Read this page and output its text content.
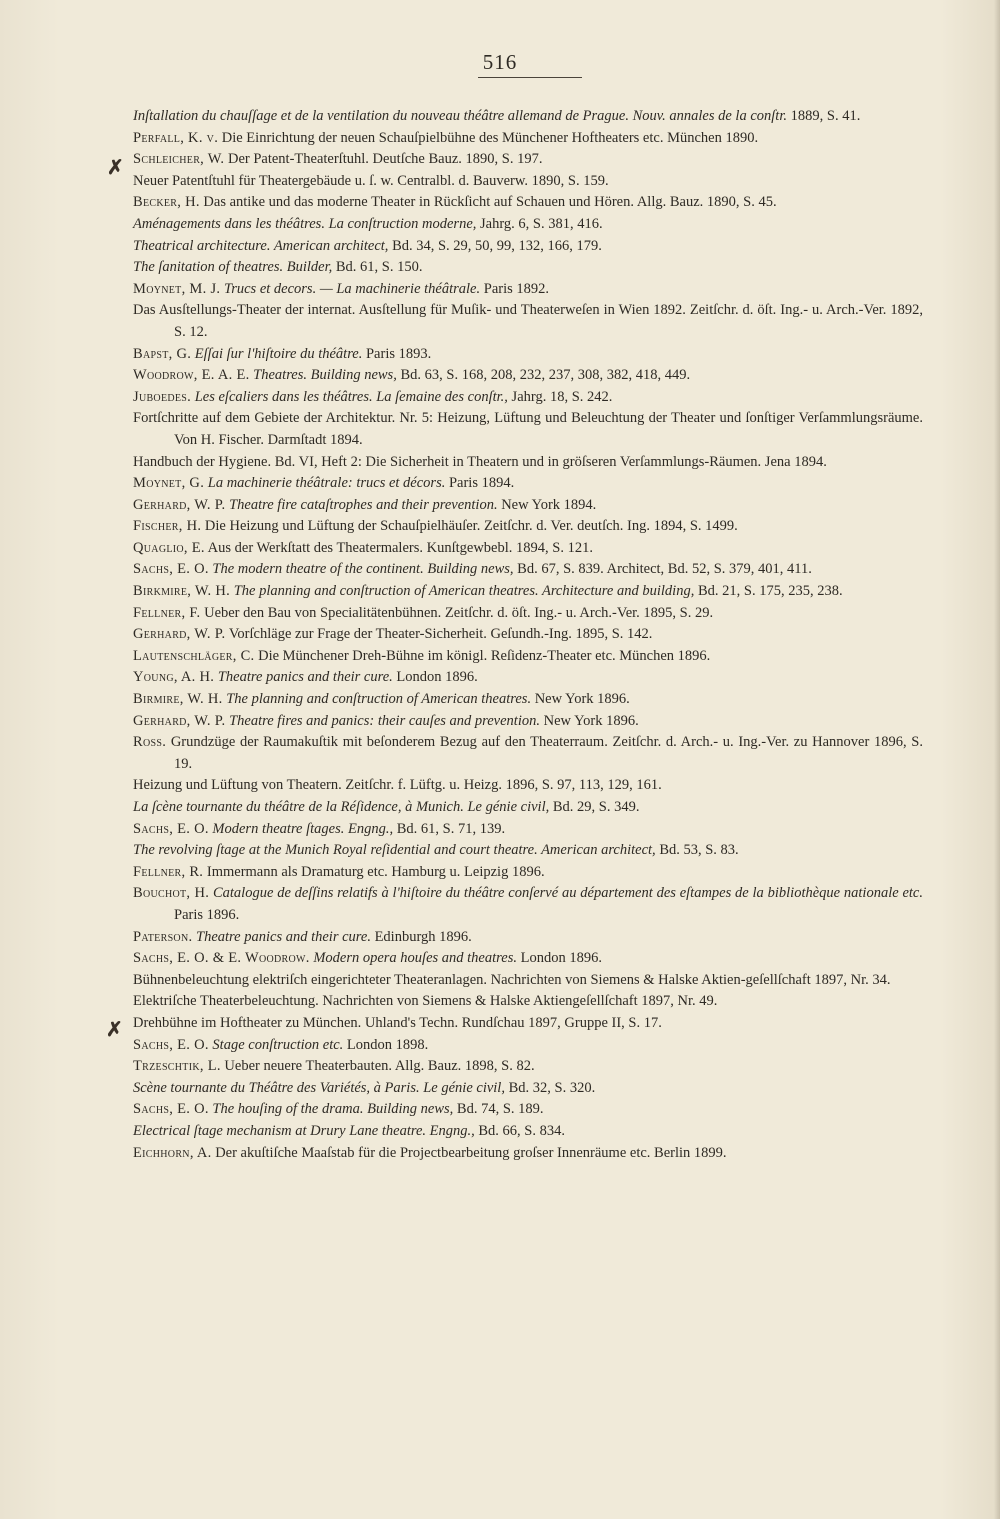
516
✗
✗

Inſtallation du chauſſage et de la ventilation du nouveau théâtre allemand de Prague. Nouv. annales de la conſtr. 1889, S. 41.

Perfall, K. v. Die Einrichtung der neuen Schauſpielbühne des Münchener Hoftheaters etc. München 1890.

Schleicher, W. Der Patent-Theaterſtuhl. Deutſche Bauz. 1890, S. 197.

Neuer Patentſtuhl für Theatergebäude u. ſ. w. Centralbl. d. Bauverw. 1890, S. 159.

Becker, H. Das antike und das moderne Theater in Rückſicht auf Schauen und Hören. Allg. Bauz. 1890, S. 45.

Aménagements dans les théâtres. La conſtruction moderne, Jahrg. 6, S. 381, 416.

Theatrical architecture. American architect, Bd. 34, S. 29, 50, 99, 132, 166, 179.

The ſanitation of theatres. Builder, Bd. 61, S. 150.

Moynet, M. J. Trucs et decors. — La machinerie théâtrale. Paris 1892.

Das Ausſtellungs-Theater der internat. Ausſtellung für Muſik- und Theaterweſen in Wien 1892. Zeitſchr. d. öſt. Ing.- u. Arch.-Ver. 1892, S. 12.

Bapst, G. Eſſai ſur l'hiſtoire du théâtre. Paris 1893.

Woodrow, E. A. E. Theatres. Building news, Bd. 63, S. 168, 208, 232, 237, 308, 382, 418, 449.

Juboedes. Les eſcaliers dans les théâtres. La ſemaine des conſtr., Jahrg. 18, S. 242.

Fortſchritte auf dem Gebiete der Architektur. Nr. 5: Heizung, Lüftung und Beleuchtung der Theater und ſonſtiger Verſammlungsräume. Von H. Fischer. Darmſtadt 1894.

Handbuch der Hygiene. Bd. VI, Heft 2: Die Sicherheit in Theatern und in gröſseren Verſammlungs-Räumen. Jena 1894.

Moynet, G. La machinerie théâtrale: trucs et décors. Paris 1894.

Gerhard, W. P. Theatre fire cataſtrophes and their prevention. New York 1894.

Fischer, H. Die Heizung und Lüftung der Schauſpielhäuſer. Zeitſchr. d. Ver. deutſch. Ing. 1894, S. 1499.

Quaglio, E. Aus der Werkſtatt des Theatermalers. Kunſtgewbebl. 1894, S. 121.

Sachs, E. O. The modern theatre of the continent. Building news, Bd. 67, S. 839. Architect, Bd. 52, S. 379, 401, 411.

Birkmire, W. H. The planning and conſtruction of American theatres. Architecture and building, Bd. 21, S. 175, 235, 238.

Fellner, F. Ueber den Bau von Specialitätenbühnen. Zeitſchr. d. öſt. Ing.- u. Arch.-Ver. 1895, S. 29.

Gerhard, W. P. Vorſchläge zur Frage der Theater-Sicherheit. Geſundh.-Ing. 1895, S. 142.

Lautenschläger, C. Die Münchener Dreh-Bühne im königl. Reſidenz-Theater etc. München 1896.

Young, A. H. Theatre panics and their cure. London 1896.

Birmire, W. H. The planning and conſtruction of American theatres. New York 1896.

Gerhard, W. P. Theatre fires and panics: their cauſes and prevention. New York 1896.

Ross. Grundzüge der Raumakuſtik mit beſonderem Bezug auf den Theaterraum. Zeitſchr. d. Arch.- u. Ing.-Ver. zu Hannover 1896, S. 19.

Heizung und Lüftung von Theatern. Zeitſchr. f. Lüftg. u. Heizg. 1896, S. 97, 113, 129, 161.

La ſcène tournante du théâtre de la Réſidence, à Munich. Le génie civil, Bd. 29, S. 349.

Sachs, E. O. Modern theatre ſtages. Engng., Bd. 61, S. 71, 139.

The revolving ſtage at the Munich Royal reſidential and court theatre. American architect, Bd. 53, S. 83.

Fellner, R. Immermann als Dramaturg etc. Hamburg u. Leipzig 1896.

Bouchot, H. Catalogue de deſſins relatifs à l'hiſtoire du théâtre conſervé au département des eſtampes de la bibliothèque nationale etc. Paris 1896.

Paterson. Theatre panics and their cure. Edinburgh 1896.

Sachs, E. O. & E. Woodrow. Modern opera houſes and theatres. London 1896.

Bühnenbeleuchtung elektriſch eingerichteter Theateranlagen. Nachrichten von Siemens & Halske Aktien-geſellſchaft 1897, Nr. 34.

Elektriſche Theaterbeleuchtung. Nachrichten von Siemens & Halske Aktiengeſellſchaft 1897, Nr. 49.

Drehbühne im Hoftheater zu München. Uhland's Techn. Rundſchau 1897, Gruppe II, S. 17.

Sachs, E. O. Stage conſtruction etc. London 1898.

Trzeschtik, L. Ueber neuere Theaterbauten. Allg. Bauz. 1898, S. 82.

Scène tournante du Théâtre des Variétés, à Paris. Le génie civil, Bd. 32, S. 320.

Sachs, E. O. The houſing of the drama. Building news, Bd. 74, S. 189.

Electrical ſtage mechanism at Drury Lane theatre. Engng., Bd. 66, S. 834.

Eichhorn, A. Der akuſtiſche Maaſstab für die Projectbearbeitung groſser Innenräume etc. Berlin 1899.
